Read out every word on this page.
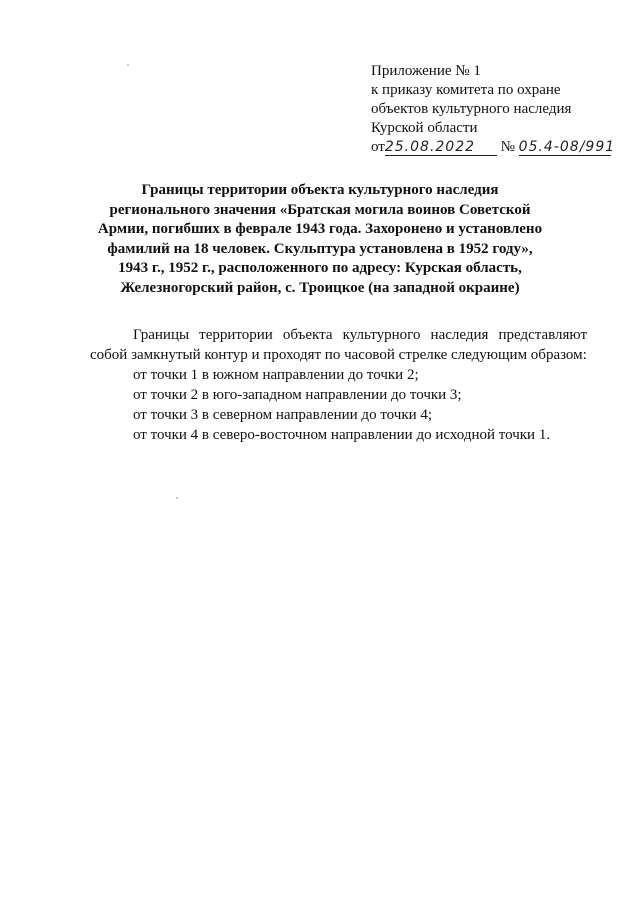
Приложение № 1
к приказу комитета по охране
объектов культурного наследия
Курской области
от25.08.2022 № 05.4-08/991
Границы территории объекта культурного наследия
регионального значения «Братская могила воинов Советской
Армии, погибших в феврале 1943 года. Захоронено и установлено
фамилий на 18 человек. Скульптура установлена в 1952 году»,
1943 г., 1952 г., расположенного по адресу: Курская область,
Железногорский район, с. Троицкое (на западной окраине)

Границы территории объекта культурного наследия представляют собой замкнутый контур и проходят по часовой стрелке следующим образом:

от точки 1 в южном направлении до точки 2;
от точки 2 в юго-западном направлении до точки 3;
от точки 3 в северном направлении до точки 4;
от точки 4 в северо-восточном направлении до исходной точки 1.
